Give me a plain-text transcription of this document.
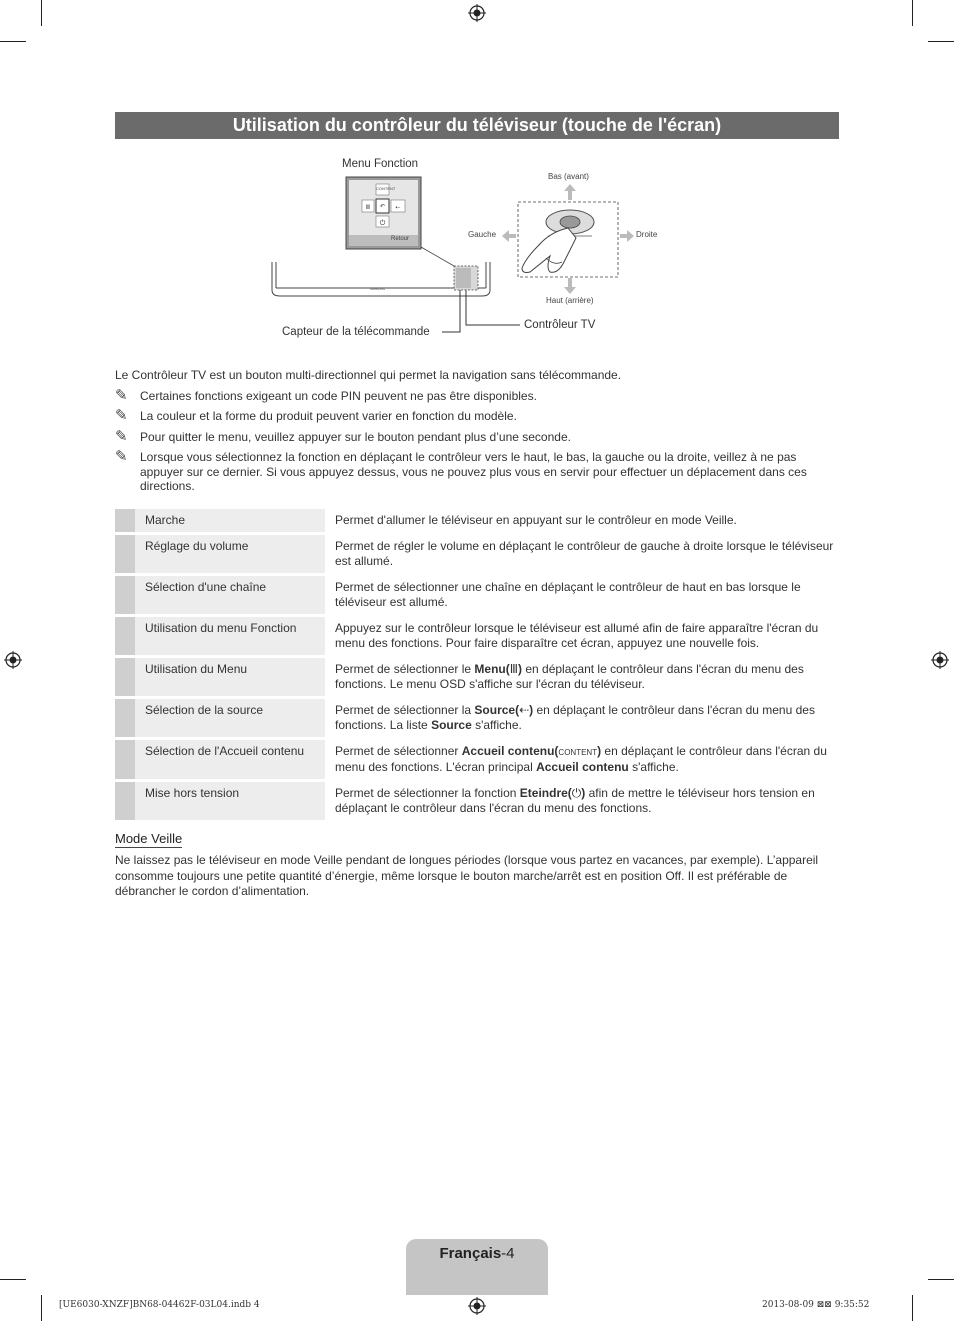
Utilisation du contrôleur du téléviseur (touche de l'écran)
↶
Ⅲ	⇠
⏻
Menu Fonction
CONTENT
Retour
SAMSUNG
Bas (avant)
Gauche	Droite
Haut (arrière)
Capteur de la télécommande
Contrôleur TV

Le Contrôleur TV est un bouton multi-directionnel qui permet la navigation sans télécommande.

✎	Certaines fonctions exigeant un code PIN peuvent ne pas être disponibles.
✎	La couleur et la forme du produit peuvent varier en fonction du modèle.
✎	Pour quitter le menu, veuillez appuyer sur le bouton pendant plus d’une seconde.
✎	Lorsque vous sélectionnez la fonction en déplaçant le contrôleur vers le haut, le bas, la gauche ou la droite, veillez à ne pas appuyer sur ce dernier. Si vous appuyez dessus, vous ne pouvez plus vous en servir pour effectuer un déplacement dans ces directions.
	Marche	Permet d'allumer le téléviseur en appuyant sur le contrôleur en mode Veille.
	Réglage du volume	Permet de régler le volume en déplaçant le contrôleur de gauche à droite lorsque le téléviseur est allumé.
	Sélection d'une chaîne	Permet de sélectionner une chaîne en déplaçant le contrôleur de haut en bas lorsque le téléviseur est allumé.
	Utilisation du menu Fonction	Appuyez sur le contrôleur lorsque le téléviseur est allumé afin de faire apparaître l'écran du menu des fonctions. Pour faire disparaître cet écran, appuyez une nouvelle fois.
	Utilisation du Menu	Permet de sélectionner le Menu(Ⅲ) en déplaçant le contrôleur dans l'écran du menu des fonctions. Le menu OSD s'affiche sur l'écran du téléviseur.
	Sélection de la source	Permet de sélectionner la Source(⇠) en déplaçant le contrôleur dans l'écran du menu des fonctions. La liste Source s'affiche.
	Sélection de l'Accueil contenu	Permet de sélectionner Accueil contenu(CONTENT) en déplaçant le contrôleur dans l'écran du menu des fonctions. L'écran principal Accueil contenu s'affiche.
	Mise hors tension	Permet de sélectionner la fonction Eteindre(⏻) afin de mettre le téléviseur hors tension en déplaçant le contrôleur dans l'écran du menu des fonctions.
Mode Veille
Ne laissez pas le téléviseur en mode Veille pendant de longues périodes (lorsque vous partez en vacances, par exemple). L’appareil consomme toujours une petite quantité d’énergie, même lorsque le bouton marche/arrêt est en position Off. Il est préférable de débrancher le cordon d’alimentation.
Français - 4
[UE6030-XNZF]BN68-04462F-03L04.indb 4	2013-08-09 ⊠⊠ 9:35:52
